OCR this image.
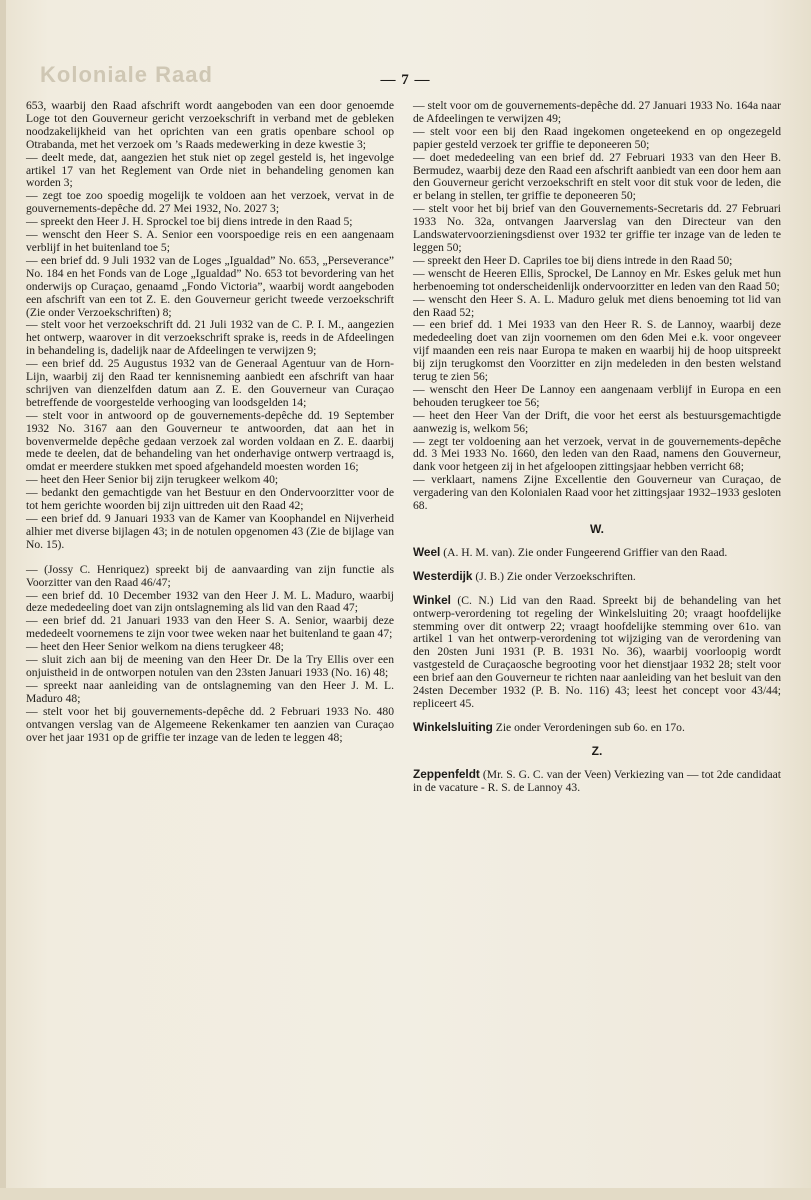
Koloniale Raad	— 7 —

653, waarbij den Raad afschrift wordt aangeboden van een door genoemde Loge tot den Gouverneur gericht verzoekschrift in verband met de gebleken noodzakelijkheid van het oprichten van een gratis openbare school op Otrabanda, met het verzoek om ’s Raads medewerking in deze kwestie 3;

— deelt mede, dat, aangezien het stuk niet op zegel gesteld is, het ingevolge artikel 17 van het Reglement van Orde niet in behandeling genomen kan worden 3;

— zegt toe zoo spoedig mogelijk te voldoen aan het verzoek, vervat in de gouvernements-depêche dd. 27 Mei 1932, No. 2027 3;

— spreekt den Heer J. H. Sprockel toe bij diens intrede in den Raad 5;

— wenscht den Heer S. A. Senior een voorspoedige reis en een aangenaam verblijf in het buitenland toe 5;

— een brief dd. 9 Juli 1932 van de Loges „Igualdad” No. 653, „Perseverance” No. 184 en het Fonds van de Loge „Igualdad” No. 653 tot bevordering van het onderwijs op Curaçao, genaamd „Fondo Victoria”, waarbij wordt aangeboden een afschrift van een tot Z. E. den Gouverneur gericht tweede verzoekschrift (Zie onder Verzoekschriften) 8;

— stelt voor het verzoekschrift dd. 21 Juli 1932 van de C. P. I. M., aangezien het ontwerp, waarover in dit verzoekschrift sprake is, reeds in de Afdeelingen in behandeling is, dadelijk naar de Afdeelingen te verwijzen 9;

— een brief dd. 25 Augustus 1932 van de Generaal Agentuur van de Horn-Lijn, waarbij zij den Raad ter kennisneming aanbiedt een afschrift van haar schrijven van dienzelfden datum aan Z. E. den Gouverneur van Curaçao betreffende de voorgestelde verhooging van loodsgelden 14;

— stelt voor in antwoord op de gouvernements-depêche dd. 19 September 1932 No. 3167 aan den Gouverneur te antwoorden, dat aan het in bovenvermelde depêche gedaan verzoek zal worden voldaan en Z. E. daarbij mede te deelen, dat de behandeling van het onderhavige ontwerp vertraagd is, omdat er meerdere stukken met spoed afgehandeld moesten worden 16;

— heet den Heer Senior bij zijn terugkeer welkom 40;

— bedankt den gemachtigde van het Bestuur en den Ondervoorzitter voor de tot hem gerichte woorden bij zijn uittreden uit den Raad 42;

— een brief dd. 9 Januari 1933 van de Kamer van Koophandel en Nijverheid alhier met diverse bijlagen 43; in de notulen opgenomen 43 (Zie de bijlage van No. 15).

— (Jossy C. Henriquez) spreekt bij de aanvaarding van zijn functie als Voorzitter van den Raad 46/47;

— een brief dd. 10 December 1932 van den Heer J. M. L. Maduro, waarbij deze mededeeling doet van zijn ontslagneming als lid van den Raad 47;

— een brief dd. 21 Januari 1933 van den Heer S. A. Senior, waarbij deze mededeelt voornemens te zijn voor twee weken naar het buitenland te gaan 47;

— heet den Heer Senior welkom na diens terugkeer 48;

— sluit zich aan bij de meening van den Heer Dr. De la Try Ellis over een onjuistheid in de ontworpen notulen van den 23sten Januari 1933 (No. 16) 48;

— spreekt naar aanleiding van de ontslagneming van den Heer J. M. L. Maduro 48;

— stelt voor het bij gouvernements-depêche dd. 2 Februari 1933 No. 480 ontvangen verslag van de Algemeene Rekenkamer ten aanzien van Curaçao over het jaar 1931 op de griffie ter inzage van de leden te leggen 48;

— stelt voor om de gouvernements-depêche dd. 27 Januari 1933 No. 164a naar de Afdeelingen te verwijzen 49;

— stelt voor een bij den Raad ingekomen ongeteekend en op ongezegeld papier gesteld verzoek ter griffie te deponeeren 50;

— doet mededeeling van een brief dd. 27 Februari 1933 van den Heer B. Bermudez, waarbij deze den Raad een afschrift aanbiedt van een door hem aan den Gouverneur gericht verzoekschrift en stelt voor dit stuk voor de leden, die er belang in stellen, ter griffie te deponeeren 50;

— stelt voor het bij brief van den Gouvernements-Secretaris dd. 27 Februari 1933 No. 32a, ontvangen Jaarverslag van den Directeur van den Landswatervoorzieningsdienst over 1932 ter griffie ter inzage van de leden te leggen 50;

— spreekt den Heer D. Capriles toe bij diens intrede in den Raad 50;

— wenscht de Heeren Ellis, Sprockel, De Lannoy en Mr. Eskes geluk met hun herbenoeming tot onderscheidenlijk ondervoorzitter en leden van den Raad 50;

— wenscht den Heer S. A. L. Maduro geluk met diens benoeming tot lid van den Raad 52;

— een brief dd. 1 Mei 1933 van den Heer R. S. de Lannoy, waarbij deze mededeeling doet van zijn voornemen om den 6den Mei e.k. voor ongeveer vijf maanden een reis naar Europa te maken en waarbij hij de hoop uitspreekt bij zijn terugkomst den Voorzitter en zijn medeleden in den besten welstand terug te zien 56;

— wenscht den Heer De Lannoy een aangenaam verblijf in Europa en een behouden terugkeer toe 56;

— heet den Heer Van der Drift, die voor het eerst als bestuursgemachtigde aanwezig is, welkom 56;

— zegt ter voldoening aan het verzoek, vervat in de gouvernements-depêche dd. 3 Mei 1933 No. 1660, den leden van den Raad, namens den Gouverneur, dank voor hetgeen zij in het afgeloopen zittingsjaar hebben verricht 68;

— verklaart, namens Zijne Excellentie den Gouverneur van Curaçao, de vergadering van den Kolonialen Raad voor het zittingsjaar 1932–1933 gesloten 68.

W.

Weel (A. H. M. van). Zie onder Fungeerend Griffier van den Raad.

Westerdijk (J. B.) Zie onder Verzoekschriften.

Winkel (C. N.) Lid van den Raad. Spreekt bij de behandeling van het ontwerp-verordening tot regeling der Winkelsluiting 20; vraagt hoofdelijke stemming over dit ontwerp 22; vraagt hoofdelijke stemming over 61o. van artikel 1 van het ontwerp-verordening tot wijziging van de verordening van den 20sten Juni 1931 (P. B. 1931 No. 36), waarbij voorloopig wordt vastgesteld de Curaçaosche begrooting voor het dienstjaar 1932 28; stelt voor een brief aan den Gouverneur te richten naar aanleiding van het besluit van den 24sten December 1932 (P. B. No. 116) 43; leest het concept voor 43/44; repliceert 45.

Winkelsluiting Zie onder Verordeningen sub 6o. en 17o.

Z.

Zeppenfeldt (Mr. S. G. C. van der Veen) Verkiezing van — tot 2de candidaat in de vacature - R. S. de Lannoy 43.
